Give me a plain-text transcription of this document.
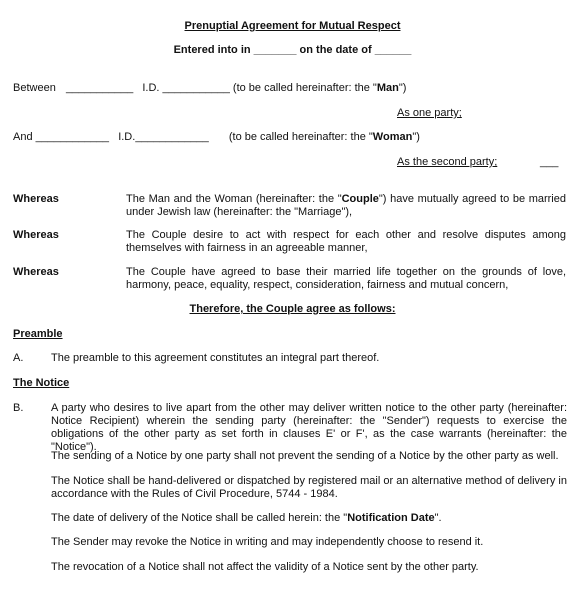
Prenuptial Agreement for Mutual Respect
Entered into in _______ on the date of ______
Between ___________ I.D. ___________ (to be called hereinafter: the "Man")
As one party;
And ____________ I.D.____________ (to be called hereinafter: the "Woman")
As the second party;	___
Whereas	The Man and the Woman (hereinafter: the "Couple") have mutually agreed to be married under Jewish law (hereinafter: the "Marriage"),
Whereas	The Couple desire to act with respect for each other and resolve disputes among themselves with fairness in an agreeable manner,
Whereas	The Couple have agreed to base their married life together on the grounds of love, harmony, peace, equality, respect, consideration, fairness and mutual concern,
Therefore, the Couple agree as follows:
Preamble
A.	The preamble to this agreement constitutes an integral part thereof.
The Notice
B.	A party who desires to live apart from the other may deliver written notice to the other party (hereinafter: Notice Recipient) wherein the sending party (hereinafter: the "Sender") requests to exercise the obligations of the other party as set forth in clauses E' or F', as the case warrants (hereinafter: the "Notice").
The sending of a Notice by one party shall not prevent the sending of a Notice by the other party as well.
The Notice shall be hand-delivered or dispatched by registered mail or an alternative method of delivery in accordance with the Rules of Civil Procedure, 5744 - 1984.
The date of delivery of the Notice shall be called herein: the "Notification Date".
The Sender may revoke the Notice in writing and may independently choose to resend it.
The revocation of a Notice shall not affect the validity of a Notice sent by the other party.
